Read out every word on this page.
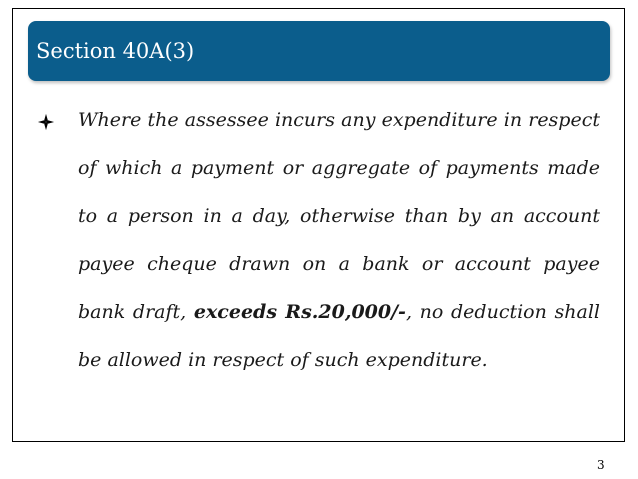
Section 40A(3)

Where the assessee incurs any expenditure in respect of which a payment or aggregate of payments made to a person in a day, otherwise than by an account payee cheque drawn on a bank or account payee bank draft, exceeds Rs.20,000/-, no deduction shall be allowed in respect of such expenditure.

3
